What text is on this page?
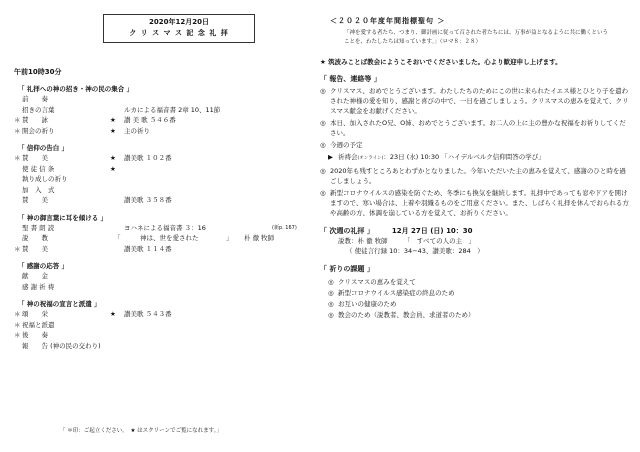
2020年12月20日
ク リ ス マ ス 記 念 礼 拝
午前10時30分
「 礼拝への神の招き・神の民の集合 」
前　　奏
招きの言葉	ルカによる福音書 2章 10、11節
＊ 賛　　詠	★ 讃 美 歌 ５４６番
＊ 開会の祈り	★ 主の祈り
「 信仰の告白 」
＊ 賛　　美	★ 讃美歌 １０２番
使 徒 信 条	★
執り成しの祈り
加　入　式
賛　　美	讃美歌 ３５８番
「 神の御言葉に耳を傾ける 」
聖 書 朗 読	ヨハネによる福音書 ３：16	(新p. 167)
説　　教	「	神は、世を愛された	」 朴 徹 牧師
＊ 賛　　美	讃美歌 １１４番
「 感謝の応答 」
献　　金
感 謝 祈 祷
「 神の祝福の宣言と派遣 」
＊ 頌　　栄	★ 讃美歌 ５４３番
＊ 祝福と派遣
＊ 後　　奏
報　　告 (神の民の交わり)
「 ＊印：ご起立ください。　★ はスクリーンでご覧になれます。」
＜２０２０年度年間指標聖句 ＞
「神を愛する者たち、つまり、御計画に従って召された者たちには、万事が益となるように共に働くということを、わたしたちは知っています。」（ロマ８：２８）
★ 筑波みことば教会にようこそおいでくださいました。心より歓迎申し上げます。
「 報告、連絡等 」
◎ クリスマス、おめでとうございます。わたしたちのためにこの世に来られたイエス様とひとり子を遣わされた神様の愛を知り、感謝と喜びの中で、一日を過ごしましょう。クリスマスの恵みを覚えて、クリスマス献金をお献げください。
◎ 本日、加入されたO兄、O姉、おめでとうございます。お二人の上に主の豊かな祝福をお祈りしてください。
◎ 今週の予定
▶ 祈祷会(オンライン)：23日 (水) 10:30 「ハイデルベルク信仰問答の学び」
◎ 2020年も残すところあとわずかとなりました。今年いただいた主の恵みを覚えて、感謝のひと時を過ごしましょう。
◎ 新型コロナウイルスの感染を防ぐため、冬季にも換気を継続します。礼拝中であっても窓やドアを開けますので、寒い場合は、上着や羽織るものをご用意ください。また、しばらく礼拝を休んでおられる方や高齢の方、体調を崩している方を覚えて、お祈りください。
「 次週の礼拝 」	12月 27日 (日) 10：30
説教：朴 徹 牧師 「　すべての人の主　」
（ 使徒言行録 10：34−43、讃美歌：284　）
「 祈りの課題 」
◎ クリスマスの恵みを覚えて
◎ 新型コロナウイルス感染症の終息のため
◎ お互いの健康のため
◎ 教会のため（説教者、教会員、求道者のため）
